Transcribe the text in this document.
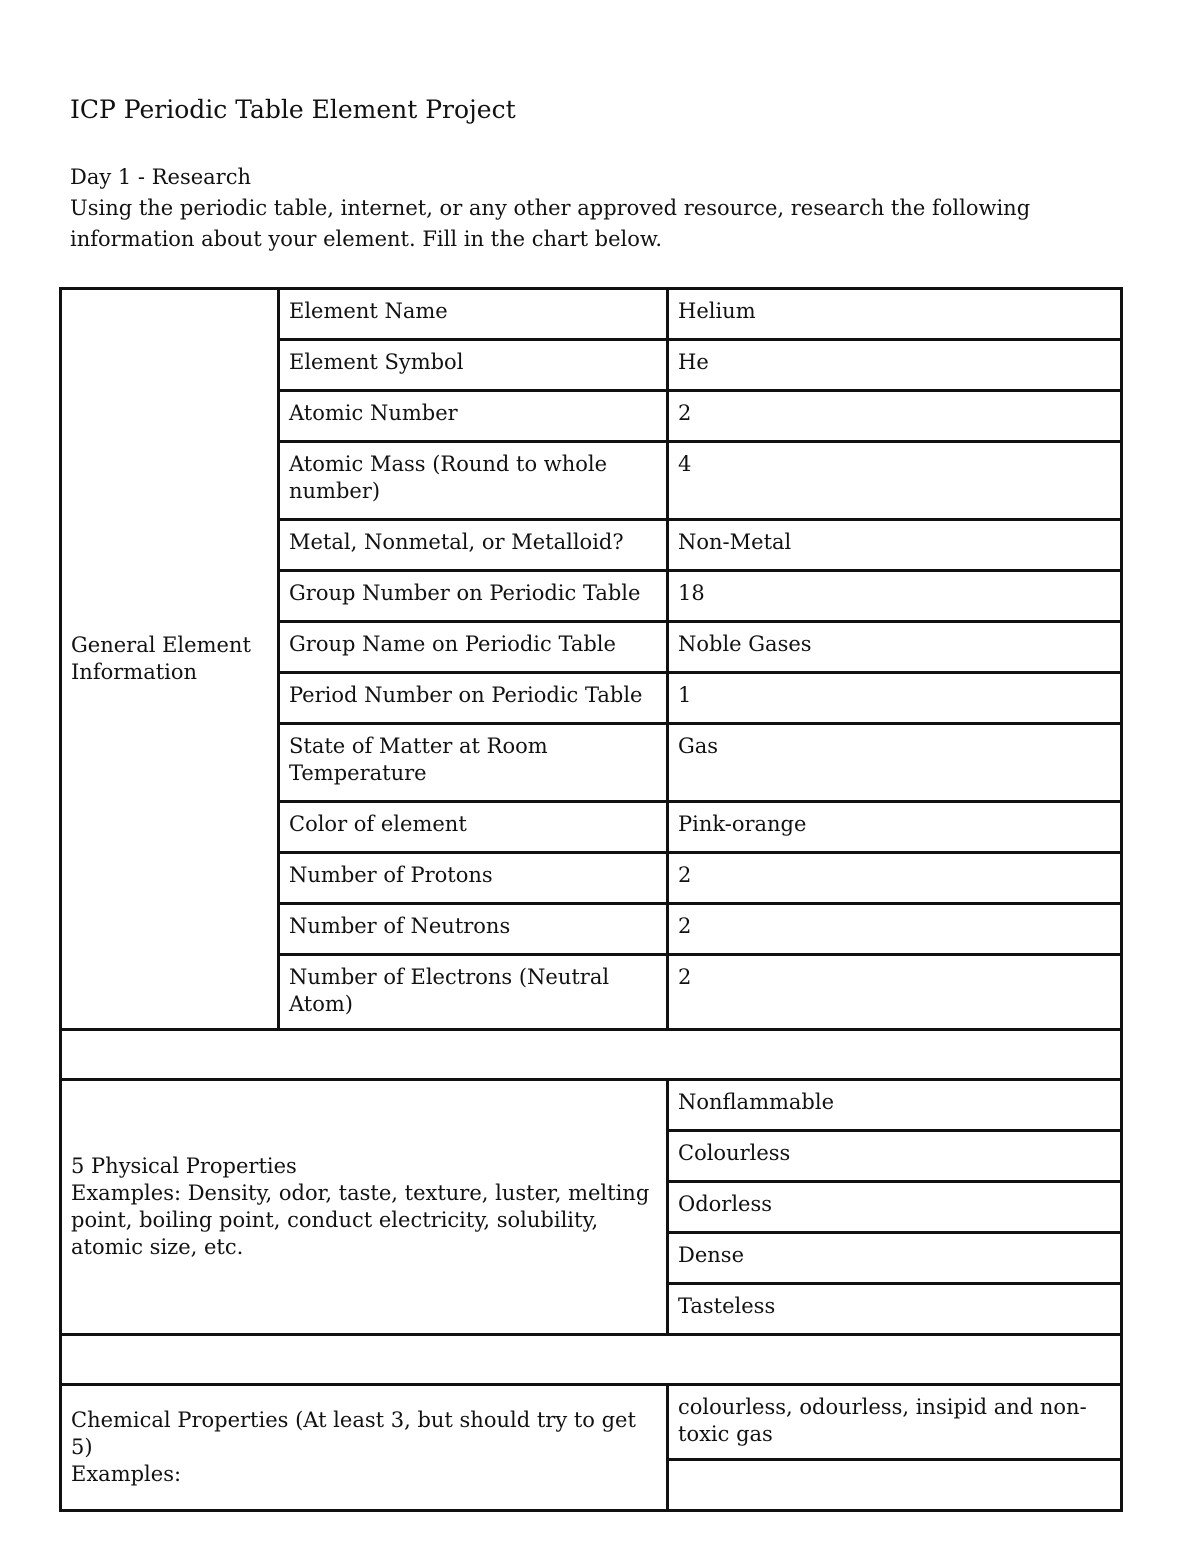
ICP Periodic Table Element Project
Day 1 - Research
Using the periodic table, internet, or any other approved resource, research the following information about your element. Fill in the chart below.
General Element Information	Element Name	Helium
	Element Symbol	He
	Atomic Number	2
	Atomic Mass (Round to whole number)	4
	Metal, Nonmetal, or Metalloid?	Non-Metal
	Group Number on Periodic Table	18
	Group Name on Periodic Table	Noble Gases
	Period Number on Periodic Table	1
	State of Matter at Room Temperature	Gas
	Color of element	Pink-orange
	Number of Protons	2
	Number of Neutrons	2
	Number of Electrons (Neutral Atom)	2

5 Physical Properties
Examples: Density, odor, taste, texture, luster, melting point, boiling point, conduct electricity, solubility, atomic size, etc.		Nonflammable
		Colourless
		Odorless
		Dense
		Tasteless

Chemical Properties (At least 3, but should try to get 5)
Examples:		colourless, odourless, insipid and non-toxic gas
